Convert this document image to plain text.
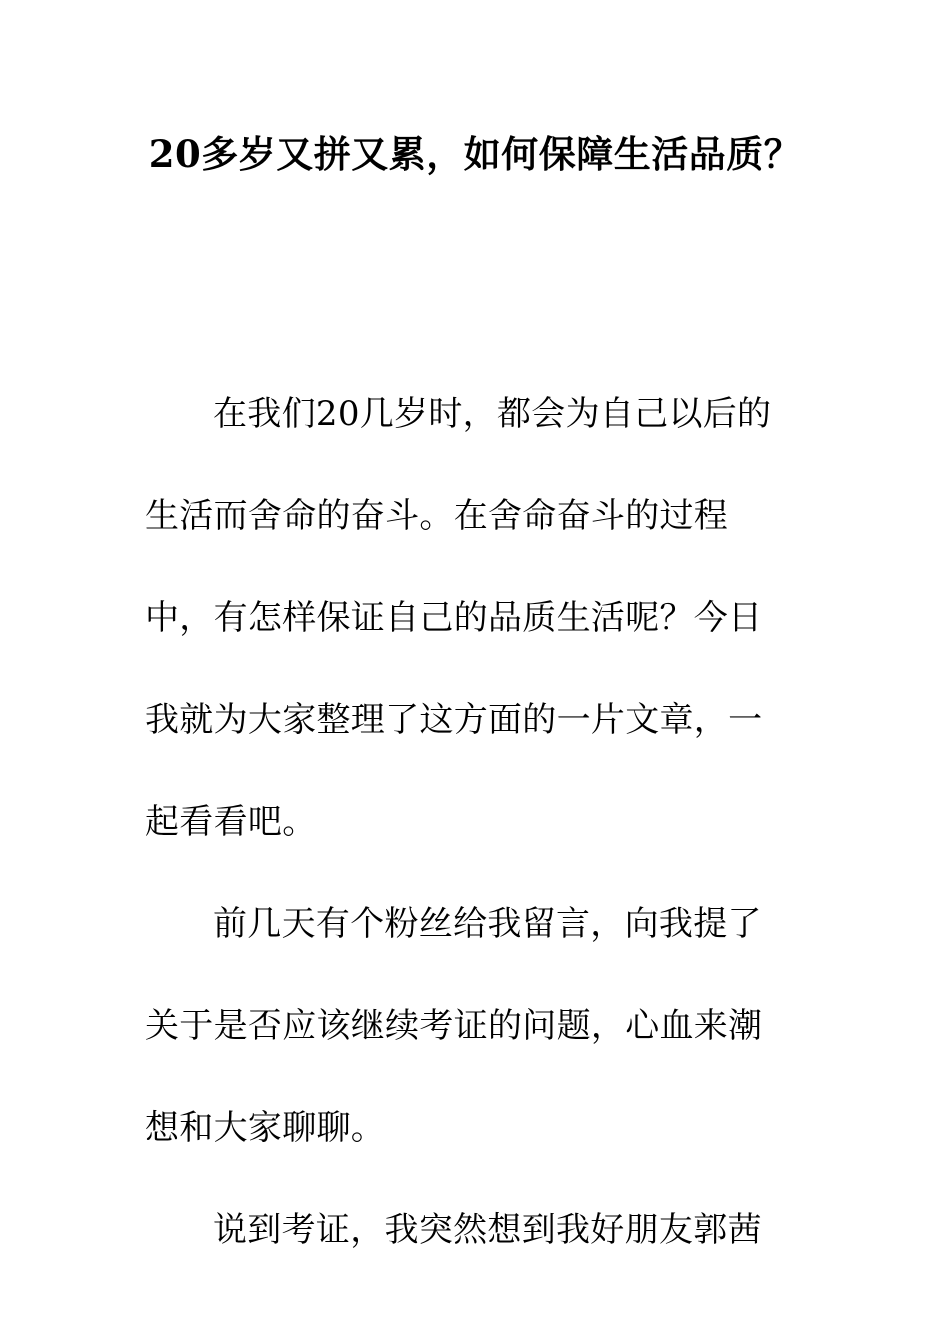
20多岁又拼又累，如何保障生活品质？

在我们20几岁时，都会为自己以后的生活而舍命的奋斗。在舍命奋斗的过程中，有怎样保证自己的品质生活呢？今日我就为大家整理了这方面的一片文章，一起看看吧。

前几天有个粉丝给我留言，向我提了关于是否应该继续考证的问题，心血来潮想和大家聊聊。

说到考证，我突然想到我好朋友郭茜
